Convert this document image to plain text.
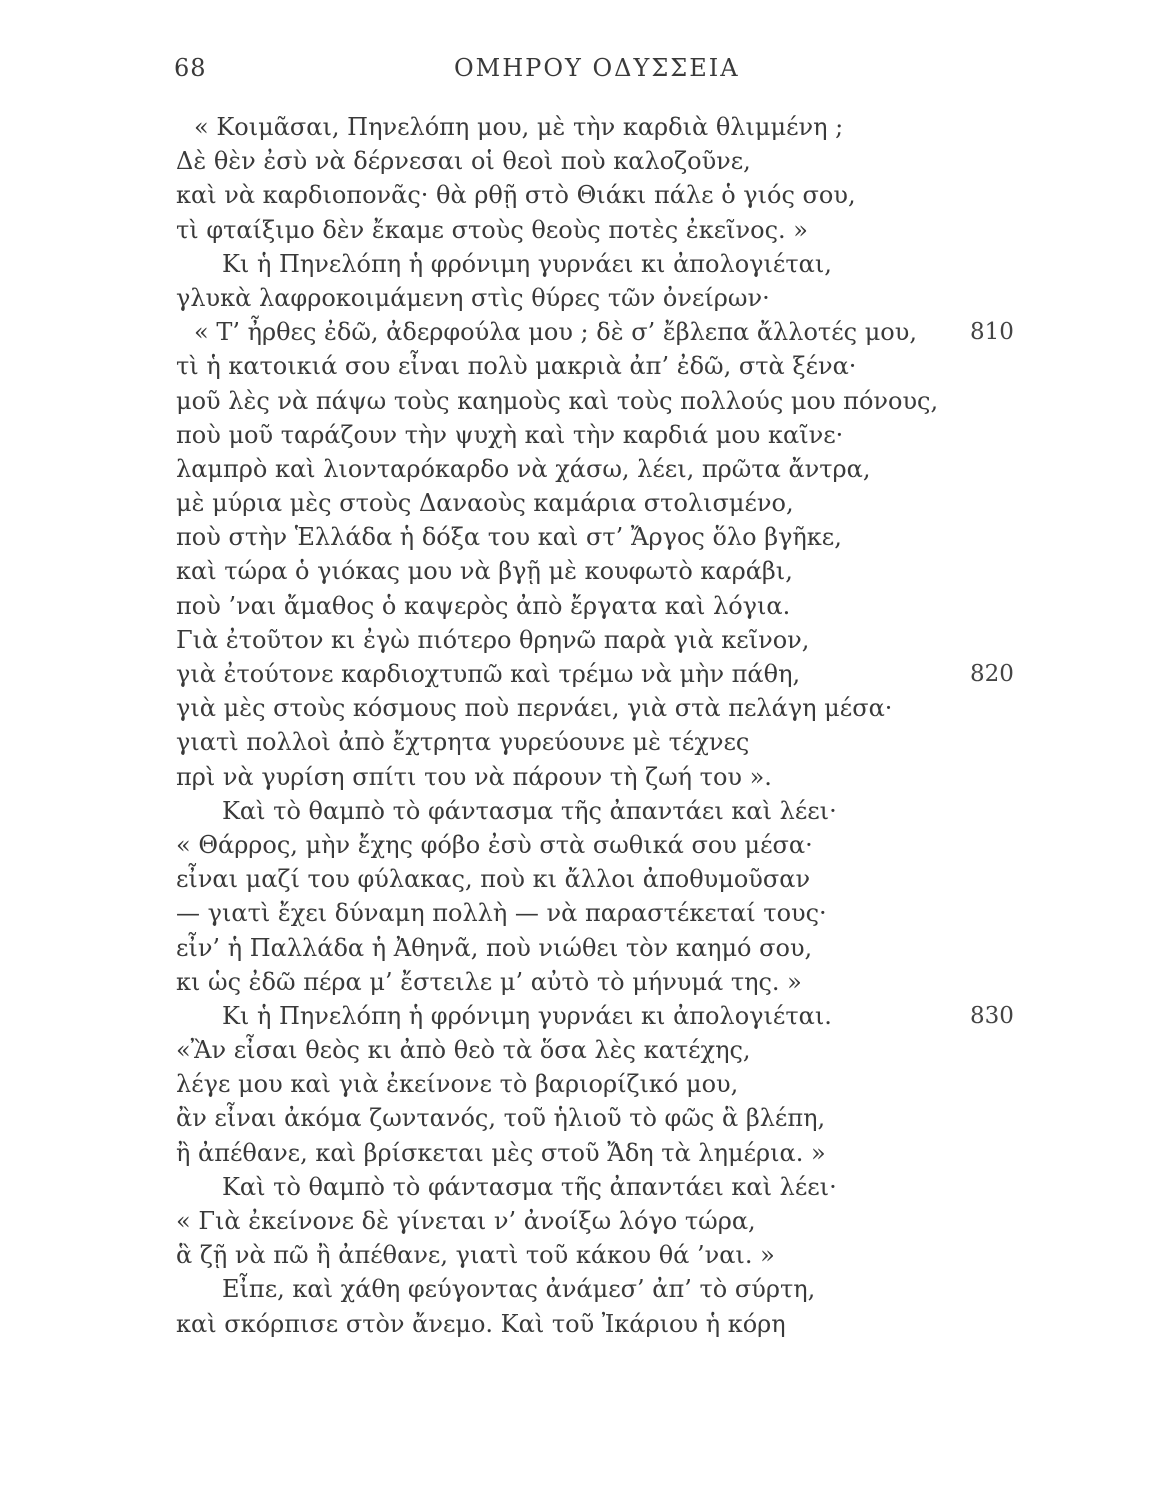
68	ΟΜΗΡΟΥ ΟΔΥΣΣΕΙΑ
« Κοιμᾶσαι, Πηνελόπη μου, μὲ τὴν καρδιὰ θλιμμένη ;
Δὲ θὲν ἐσὺ νὰ δέρνεσαι οἱ θεοὶ ποὺ καλοζοῦνε,
καὶ νὰ καρδιοπονᾶς· θὰ ρθῇ στὸ Θιάκι πάλε ὁ γιός σου,
τὶ φταίξιμο δὲν ἔκαμε στοὺς θεοὺς ποτὲς ἐκεῖνος. »
Κι ἡ Πηνελόπη ἡ φρόνιμη γυρνάει κι ἀπολογιέται,
γλυκὰ λαφροκοιμάμενη στὶς θύρες τῶν ὀνείρων·
« Τ’ ἦρθες ἐδῶ, ἀδερφούλα μου ; δὲ σ’ ἔβλεπα ἄλλοτές μου, 810
τὶ ἡ κατοικιά σου εἶναι πολὺ μακριὰ ἀπ’ ἐδῶ, στὰ ξένα·
μοῦ λὲς νὰ πάψω τοὺς καημοὺς καὶ τοὺς πολλούς μου πόνους,
ποὺ μοῦ ταράζουν τὴν ψυχὴ καὶ τὴν καρδιά μου καῖνε·
λαμπρὸ καὶ λιονταρόκαρδο νὰ χάσω, λέει, πρῶτα ἄντρα,
μὲ μύρια μὲς στοὺς Δαναοὺς καμάρια στολισμένο,
ποὺ στὴν Ἑλλάδα ἡ δόξα του καὶ στ’ Ἄργος ὅλο βγῆκε,
καὶ τώρα ὁ γιόκας μου νὰ βγῇ μὲ κουφωτὸ καράβι,
ποὺ ’ναι ἄμαθος ὁ καψερὸς ἀπὸ ἔργατα καὶ λόγια.
Γιὰ ἐτοῦτον κι ἐγὼ πιότερο θρηνῶ παρὰ γιὰ κεῖνον,
γιὰ ἐτούτονε καρδιοχτυπῶ καὶ τρέμω νὰ μὴν πάθη,	820
γιὰ μὲς στοὺς κόσμους ποὺ περνάει, γιὰ στὰ πελάγη μέσα·
γιατὶ πολλοὶ ἀπὸ ἔχτρητα γυρεύουνε μὲ τέχνες
πρὶ νὰ γυρίση σπίτι του νὰ πάρουν τὴ ζωή του ».
Καὶ τὸ θαμπὸ τὸ φάντασμα τῆς ἀπαντάει καὶ λέει·
« Θάρρος, μὴν ἔχης φόβο ἐσὺ στὰ σωθικά σου μέσα·
εἶναι μαζί του φύλακας, ποὺ κι ἄλλοι ἀποθυμοῦσαν
— γιατὶ ἔχει δύναμη πολλὴ — νὰ παραστέκεταί τους·
εἶν’ ἡ Παλλάδα ἡ Ἀθηνᾶ, ποὺ νιώθει τὸν καημό σου,
κι ὡς ἐδῶ πέρα μ’ ἔστειλε μ’ αὐτὸ τὸ μήνυμά της. »
Κι ἡ Πηνελόπη ἡ φρόνιμη γυρνάει κι ἀπολογιέται.	830
«Ἂν εἶσαι θεὸς κι ἀπὸ θεὸ τὰ ὅσα λὲς κατέχης,
λέγε μου καὶ γιὰ ἐκείνονε τὸ βαριορίζικό μου,
ἂν εἶναι ἀκόμα ζωντανός, τοῦ ἡλιοῦ τὸ φῶς ἃ βλέπη,
ἢ ἀπέθανε, καὶ βρίσκεται μὲς στοῦ Ἄδη τὰ λημέρια. »
Καὶ τὸ θαμπὸ τὸ φάντασμα τῆς ἀπαντάει καὶ λέει·
« Γιὰ ἐκείνονε δὲ γίνεται ν’ ἀνοίξω λόγο τώρα,
ἃ ζῇ νὰ πῶ ἢ ἀπέθανε, γιατὶ τοῦ κάκου θά ’ναι. »
Εἶπε, καὶ χάθη φεύγοντας ἀνάμεσ’ ἀπ’ τὸ σύρτη,
καὶ σκόρπισε στὸν ἄνεμο. Καὶ τοῦ Ἰκάριου ἡ κόρη
